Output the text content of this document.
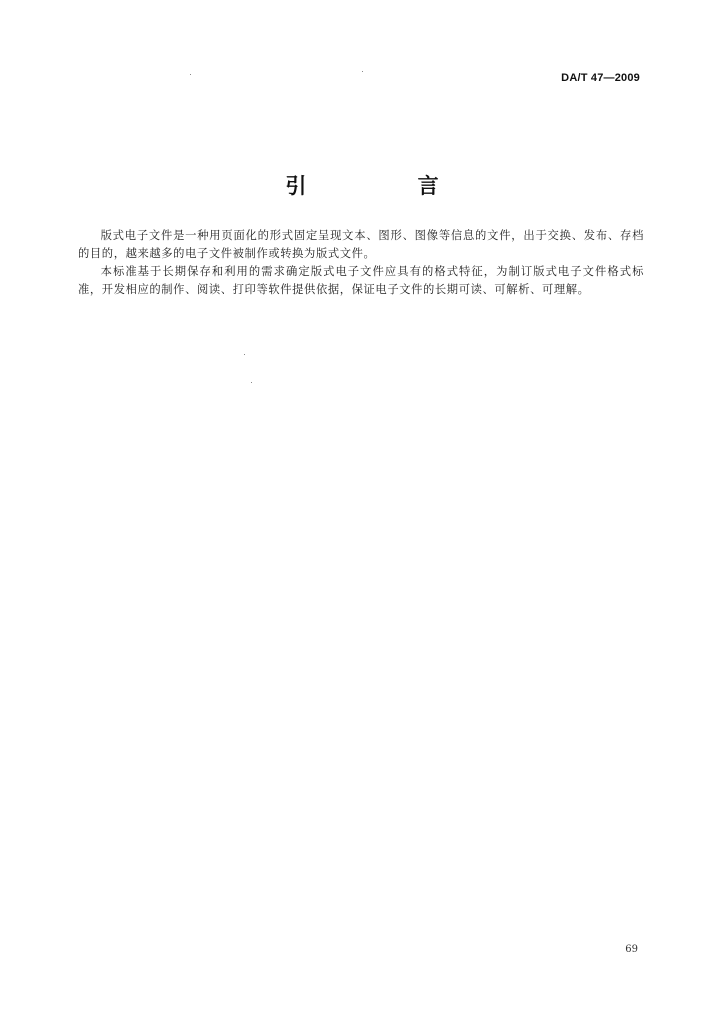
DA/T 47—2009
引 言

版式电子文件是一种用页面化的形式固定呈现文本、图形、图像等信息的文件，出于交换、发布、存档的目的，越来越多的电子文件被制作或转换为版式文件。

本标准基于长期保存和利用的需求确定版式电子文件应具有的格式特征，为制订版式电子文件格式标准，开发相应的制作、阅读、打印等软件提供依据，保证电子文件的长期可读、可解析、可理解。

69
